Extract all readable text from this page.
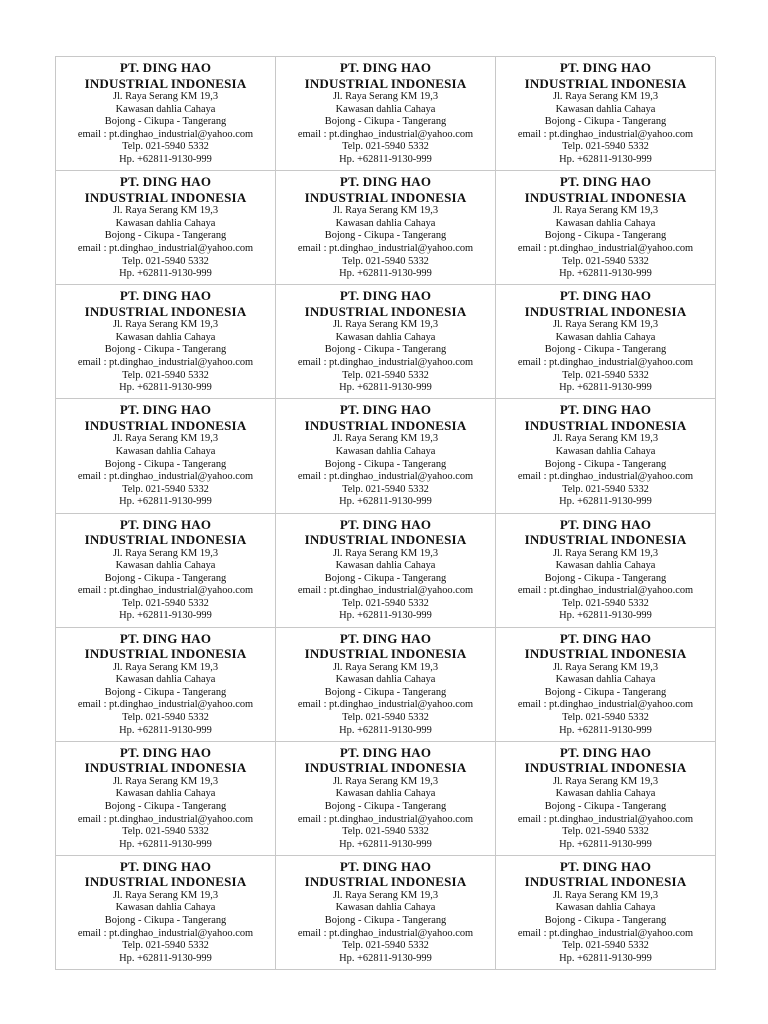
PT. DING HAO
INDUSTRIAL INDONESIA
Jl. Raya Serang KM 19,3
Kawasan dahlia Cahaya
Bojong - Cikupa - Tangerang
email : pt.dinghao_industrial@yahoo.com
Telp. 021-5940 5332
Hp. +62811-9130-999
PT. DING HAO
INDUSTRIAL INDONESIA
Jl. Raya Serang KM 19,3
Kawasan dahlia Cahaya
Bojong - Cikupa - Tangerang
email : pt.dinghao_industrial@yahoo.com
Telp. 021-5940 5332
Hp. +62811-9130-999
PT. DING HAO
INDUSTRIAL INDONESIA
Jl. Raya Serang KM 19,3
Kawasan dahlia Cahaya
Bojong - Cikupa - Tangerang
email : pt.dinghao_industrial@yahoo.com
Telp. 021-5940 5332
Hp. +62811-9130-999
PT. DING HAO
INDUSTRIAL INDONESIA
Jl. Raya Serang KM 19,3
Kawasan dahlia Cahaya
Bojong - Cikupa - Tangerang
email : pt.dinghao_industrial@yahoo.com
Telp. 021-5940 5332
Hp. +62811-9130-999
PT. DING HAO
INDUSTRIAL INDONESIA
Jl. Raya Serang KM 19,3
Kawasan dahlia Cahaya
Bojong - Cikupa - Tangerang
email : pt.dinghao_industrial@yahoo.com
Telp. 021-5940 5332
Hp. +62811-9130-999
PT. DING HAO
INDUSTRIAL INDONESIA
Jl. Raya Serang KM 19,3
Kawasan dahlia Cahaya
Bojong - Cikupa - Tangerang
email : pt.dinghao_industrial@yahoo.com
Telp. 021-5940 5332
Hp. +62811-9130-999
PT. DING HAO
INDUSTRIAL INDONESIA
Jl. Raya Serang KM 19,3
Kawasan dahlia Cahaya
Bojong - Cikupa - Tangerang
email : pt.dinghao_industrial@yahoo.com
Telp. 021-5940 5332
Hp. +62811-9130-999
PT. DING HAO
INDUSTRIAL INDONESIA
Jl. Raya Serang KM 19,3
Kawasan dahlia Cahaya
Bojong - Cikupa - Tangerang
email : pt.dinghao_industrial@yahoo.com
Telp. 021-5940 5332
Hp. +62811-9130-999
PT. DING HAO
INDUSTRIAL INDONESIA
Jl. Raya Serang KM 19,3
Kawasan dahlia Cahaya
Bojong - Cikupa - Tangerang
email : pt.dinghao_industrial@yahoo.com
Telp. 021-5940 5332
Hp. +62811-9130-999
PT. DING HAO
INDUSTRIAL INDONESIA
Jl. Raya Serang KM 19,3
Kawasan dahlia Cahaya
Bojong - Cikupa - Tangerang
email : pt.dinghao_industrial@yahoo.com
Telp. 021-5940 5332
Hp. +62811-9130-999
PT. DING HAO
INDUSTRIAL INDONESIA
Jl. Raya Serang KM 19,3
Kawasan dahlia Cahaya
Bojong - Cikupa - Tangerang
email : pt.dinghao_industrial@yahoo.com
Telp. 021-5940 5332
Hp. +62811-9130-999
PT. DING HAO
INDUSTRIAL INDONESIA
Jl. Raya Serang KM 19,3
Kawasan dahlia Cahaya
Bojong - Cikupa - Tangerang
email : pt.dinghao_industrial@yahoo.com
Telp. 021-5940 5332
Hp. +62811-9130-999
PT. DING HAO
INDUSTRIAL INDONESIA
Jl. Raya Serang KM 19,3
Kawasan dahlia Cahaya
Bojong - Cikupa - Tangerang
email : pt.dinghao_industrial@yahoo.com
Telp. 021-5940 5332
Hp. +62811-9130-999
PT. DING HAO
INDUSTRIAL INDONESIA
Jl. Raya Serang KM 19,3
Kawasan dahlia Cahaya
Bojong - Cikupa - Tangerang
email : pt.dinghao_industrial@yahoo.com
Telp. 021-5940 5332
Hp. +62811-9130-999
PT. DING HAO
INDUSTRIAL INDONESIA
Jl. Raya Serang KM 19,3
Kawasan dahlia Cahaya
Bojong - Cikupa - Tangerang
email : pt.dinghao_industrial@yahoo.com
Telp. 021-5940 5332
Hp. +62811-9130-999
PT. DING HAO
INDUSTRIAL INDONESIA
Jl. Raya Serang KM 19,3
Kawasan dahlia Cahaya
Bojong - Cikupa - Tangerang
email : pt.dinghao_industrial@yahoo.com
Telp. 021-5940 5332
Hp. +62811-9130-999
PT. DING HAO
INDUSTRIAL INDONESIA
Jl. Raya Serang KM 19,3
Kawasan dahlia Cahaya
Bojong - Cikupa - Tangerang
email : pt.dinghao_industrial@yahoo.com
Telp. 021-5940 5332
Hp. +62811-9130-999
PT. DING HAO
INDUSTRIAL INDONESIA
Jl. Raya Serang KM 19,3
Kawasan dahlia Cahaya
Bojong - Cikupa - Tangerang
email : pt.dinghao_industrial@yahoo.com
Telp. 021-5940 5332
Hp. +62811-9130-999
PT. DING HAO
INDUSTRIAL INDONESIA
Jl. Raya Serang KM 19,3
Kawasan dahlia Cahaya
Bojong - Cikupa - Tangerang
email : pt.dinghao_industrial@yahoo.com
Telp. 021-5940 5332
Hp. +62811-9130-999
PT. DING HAO
INDUSTRIAL INDONESIA
Jl. Raya Serang KM 19,3
Kawasan dahlia Cahaya
Bojong - Cikupa - Tangerang
email : pt.dinghao_industrial@yahoo.com
Telp. 021-5940 5332
Hp. +62811-9130-999
PT. DING HAO
INDUSTRIAL INDONESIA
Jl. Raya Serang KM 19,3
Kawasan dahlia Cahaya
Bojong - Cikupa - Tangerang
email : pt.dinghao_industrial@yahoo.com
Telp. 021-5940 5332
Hp. +62811-9130-999
PT. DING HAO
INDUSTRIAL INDONESIA
Jl. Raya Serang KM 19,3
Kawasan dahlia Cahaya
Bojong - Cikupa - Tangerang
email : pt.dinghao_industrial@yahoo.com
Telp. 021-5940 5332
Hp. +62811-9130-999
PT. DING HAO
INDUSTRIAL INDONESIA
Jl. Raya Serang KM 19,3
Kawasan dahlia Cahaya
Bojong - Cikupa - Tangerang
email : pt.dinghao_industrial@yahoo.com
Telp. 021-5940 5332
Hp. +62811-9130-999
PT. DING HAO
INDUSTRIAL INDONESIA
Jl. Raya Serang KM 19,3
Kawasan dahlia Cahaya
Bojong - Cikupa - Tangerang
email : pt.dinghao_industrial@yahoo.com
Telp. 021-5940 5332
Hp. +62811-9130-999
